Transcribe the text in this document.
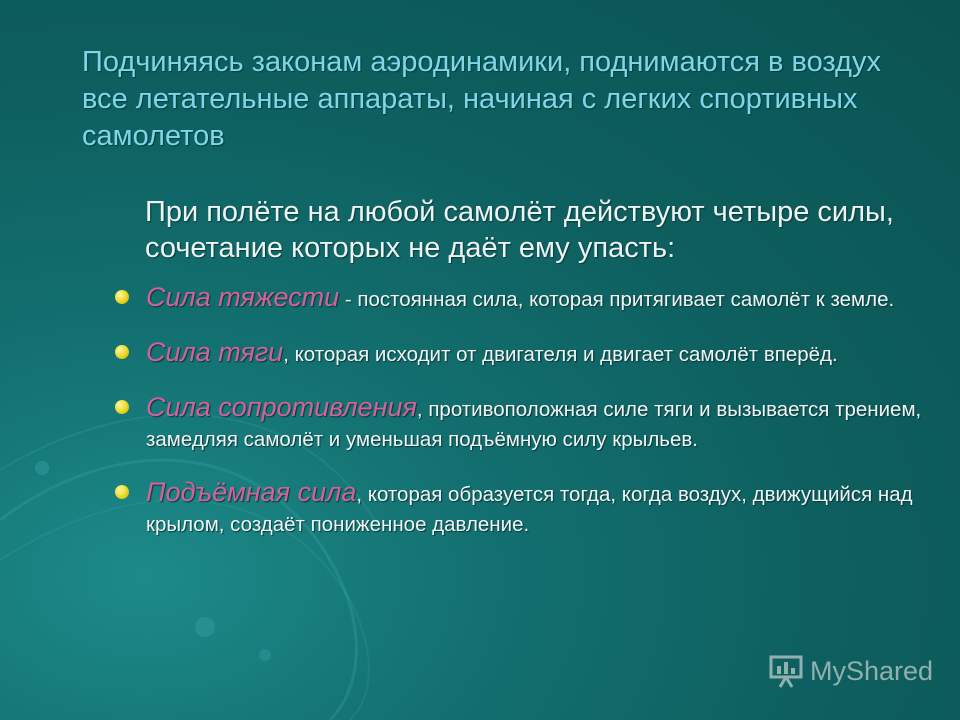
Подчиняясь законам аэродинамики, поднимаются в воздух все летательные аппараты, начиная с легких спортивных самолетов
При полёте на любой самолёт действуют четыре силы, сочетание которых не даёт ему упасть:
Сила тяжести - постоянная сила, которая притягивает самолёт к земле.
Сила тяги, которая исходит от двигателя и двигает самолёт вперёд.
Сила сопротивления, противоположная силе тяги и вызывается трением, замедляя самолёт и уменьшая подъёмную силу крыльев.
Подъёмная сила, которая образуется тогда, когда воздух, движущийся над крылом, создаёт пониженное давление.
MyShared
